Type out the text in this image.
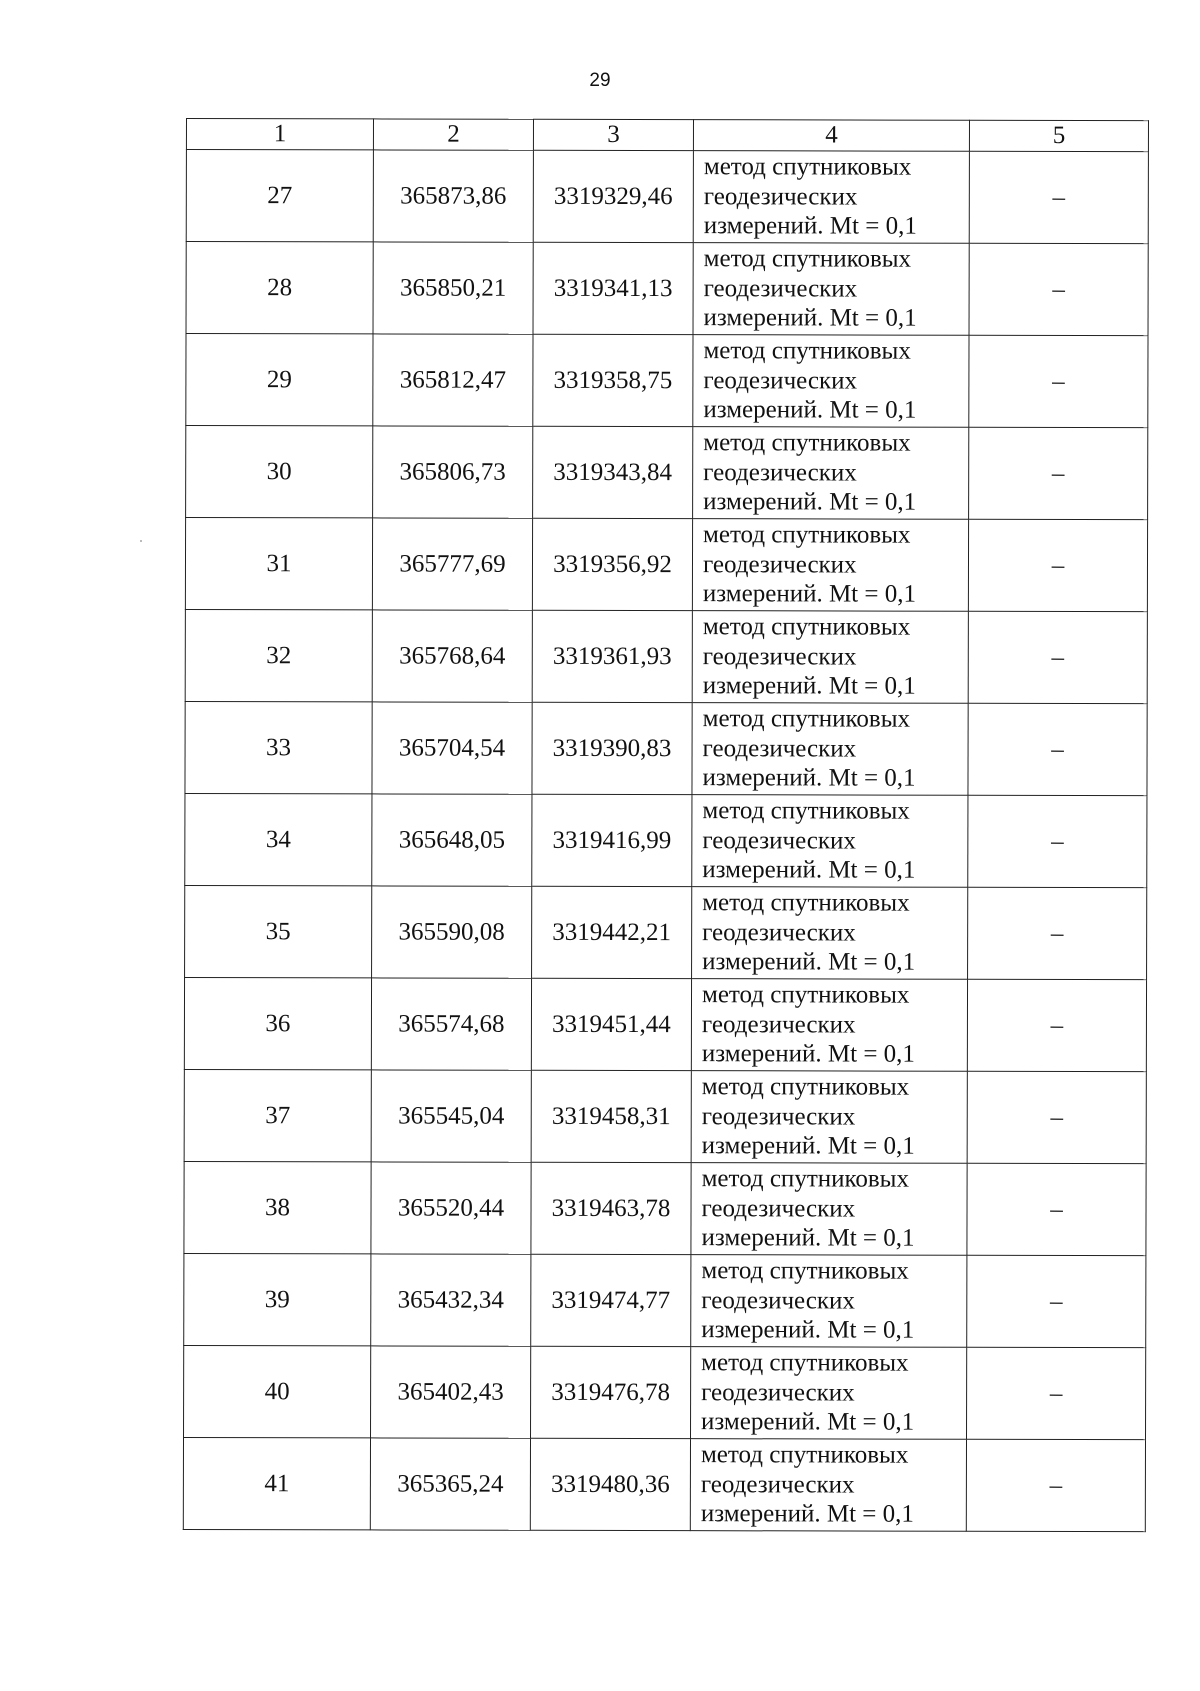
29
1	2	3	4	5
27	365873,86	3319329,46	метод спутниковых
геодезических
измерений. Mt = 0,1	–
28	365850,21	3319341,13	метод спутниковых
геодезических
измерений. Mt = 0,1	–
29	365812,47	3319358,75	метод спутниковых
геодезических
измерений. Mt = 0,1	–
30	365806,73	3319343,84	метод спутниковых
геодезических
измерений. Mt = 0,1	–
31	365777,69	3319356,92	метод спутниковых
геодезических
измерений. Mt = 0,1	–
32	365768,64	3319361,93	метод спутниковых
геодезических
измерений. Mt = 0,1	–
33	365704,54	3319390,83	метод спутниковых
геодезических
измерений. Mt = 0,1	–
34	365648,05	3319416,99	метод спутниковых
геодезических
измерений. Mt = 0,1	–
35	365590,08	3319442,21	метод спутниковых
геодезических
измерений. Mt = 0,1	–
36	365574,68	3319451,44	метод спутниковых
геодезических
измерений. Mt = 0,1	–
37	365545,04	3319458,31	метод спутниковых
геодезических
измерений. Mt = 0,1	–
38	365520,44	3319463,78	метод спутниковых
геодезических
измерений. Mt = 0,1	–
39	365432,34	3319474,77	метод спутниковых
геодезических
измерений. Mt = 0,1	–
40	365402,43	3319476,78	метод спутниковых
геодезических
измерений. Mt = 0,1	–
41	365365,24	3319480,36	метод спутниковых
геодезических
измерений. Mt = 0,1	–
